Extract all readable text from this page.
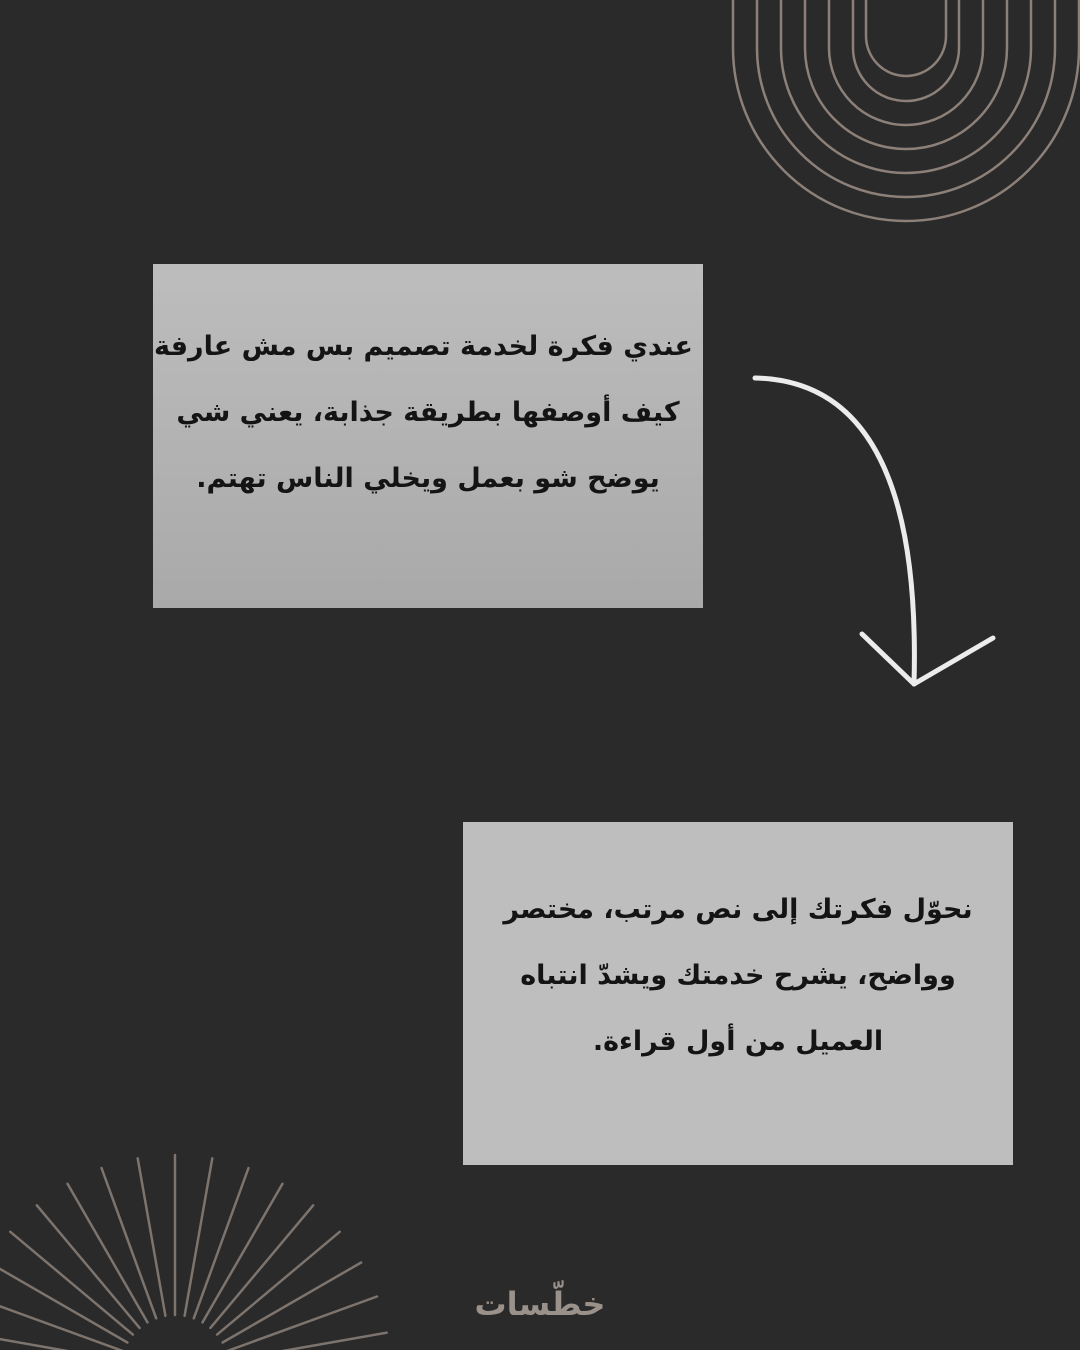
عندي فكرة لخدمة تصميم بس مش عارفة
كيف أوصفها بطريقة جذابة، يعني شي
يوضح شو بعمل ويخلي الناس تهتم.

نحوّل فكرتك إلى نص مرتب، مختصر
وواضح، يشرح خدمتك ويشدّ انتباه
العميل من أول قراءة.

خطّسات
